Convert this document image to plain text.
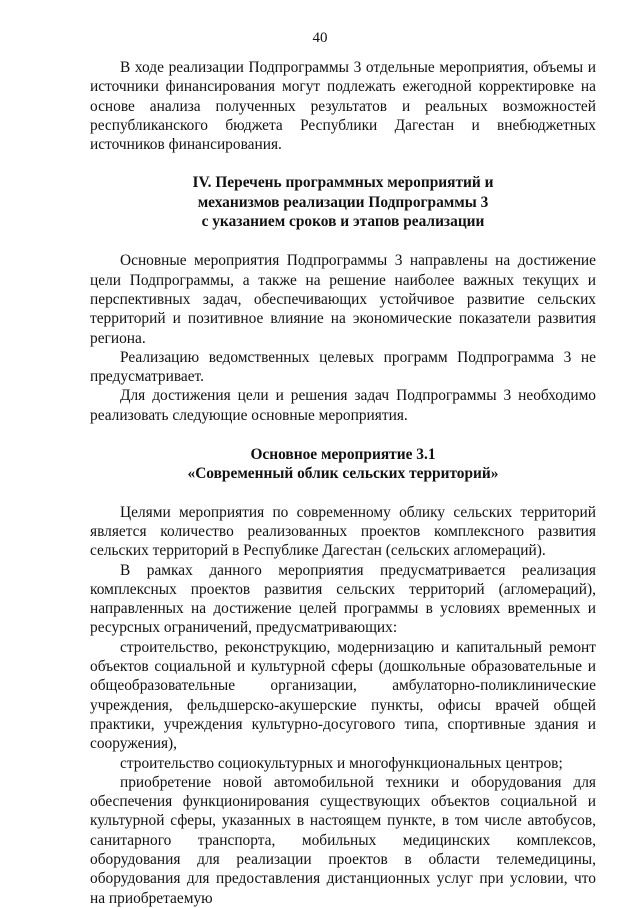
40

В ходе реализации Подпрограммы 3 отдельные мероприятия, объемы и источники финансирования могут подлежать ежегодной корректировке на основе анализа полученных результатов и реальных возможностей республиканского бюджета Республики Дагестан и внебюджетных источников финансирования.

IV. Перечень программных мероприятий и
механизмов реализации Подпрограммы 3
с указанием сроков и этапов реализации

Основные мероприятия Подпрограммы 3 направлены на достижение цели Подпрограммы, а также на решение наиболее важных текущих и перспективных задач, обеспечивающих устойчивое развитие сельских территорий и позитивное влияние на экономические показатели развития региона.

Реализацию ведомственных целевых программ Подпрограмма 3 не предусматривает.

Для достижения цели и решения задач Подпрограммы 3 необходимо реализовать следующие основные мероприятия.

Основное мероприятие 3.1
«Современный облик сельских территорий»

Целями мероприятия по современному облику сельских территорий является количество реализованных проектов комплексного развития сельских территорий в Республике Дагестан (сельских агломераций).

В рамках данного мероприятия предусматривается реализация комплексных проектов развития сельских территорий (агломераций), направленных на достижение целей программы в условиях временных и ресурсных ограничений, предусматривающих:

строительство, реконструкцию, модернизацию и капитальный ремонт объектов социальной и культурной сферы (дошкольные образовательные и общеобразовательные организации, амбулаторно-поликлинические учреждения, фельдшерско-акушерские пункты, офисы врачей общей практики, учреждения культурно-досугового типа, спортивные здания и сооружения),

строительство социокультурных и многофункциональных центров;

приобретение новой автомобильной техники и оборудования для обеспечения функционирования существующих объектов социальной и культурной сферы, указанных в настоящем пункте, в том числе автобусов, санитарного транспорта, мобильных медицинских комплексов, оборудования для реализации проектов в области телемедицины, оборудования для предоставления дистанционных услуг при условии, что на приобретаемую
